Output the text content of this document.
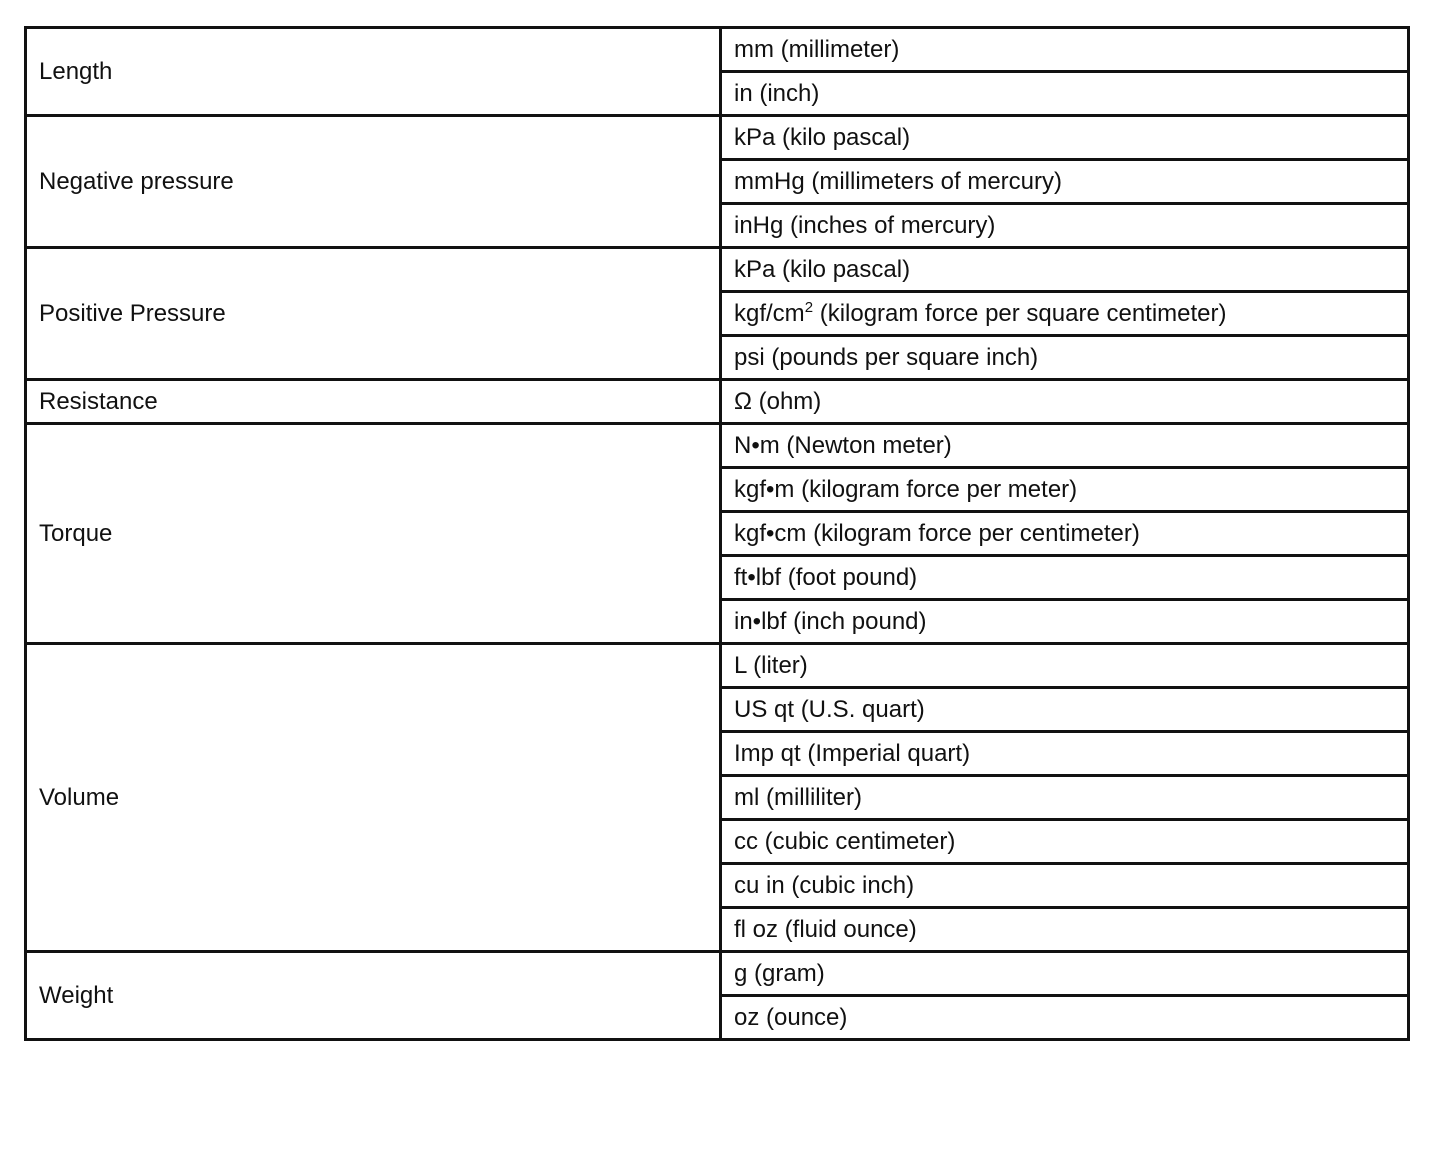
Length	mm (millimeter)
	in (inch)
Negative pressure	kPa (kilo pascal)
	mmHg (millimeters of mercury)
	inHg (inches of mercury)
Positive Pressure	kPa (kilo pascal)
	kgf/$cm^2$ (kilogram force per square centimeter)
	psi (pounds per square inch)
Resistance	Ω (ohm)
Torque	N•m (Newton meter)
	kgf•m (kilogram force per meter)
	kgf•cm (kilogram force per centimeter)
	ft•lbf (foot pound)
	in•lbf (inch pound)
Volume	L (liter)
	US qt (U.S. quart)
	Imp qt (Imperial quart)
	ml (milliliter)
	cc (cubic centimeter)
	cu in (cubic inch)
	fl oz (fluid ounce)
Weight	g (gram)
	oz (ounce)
